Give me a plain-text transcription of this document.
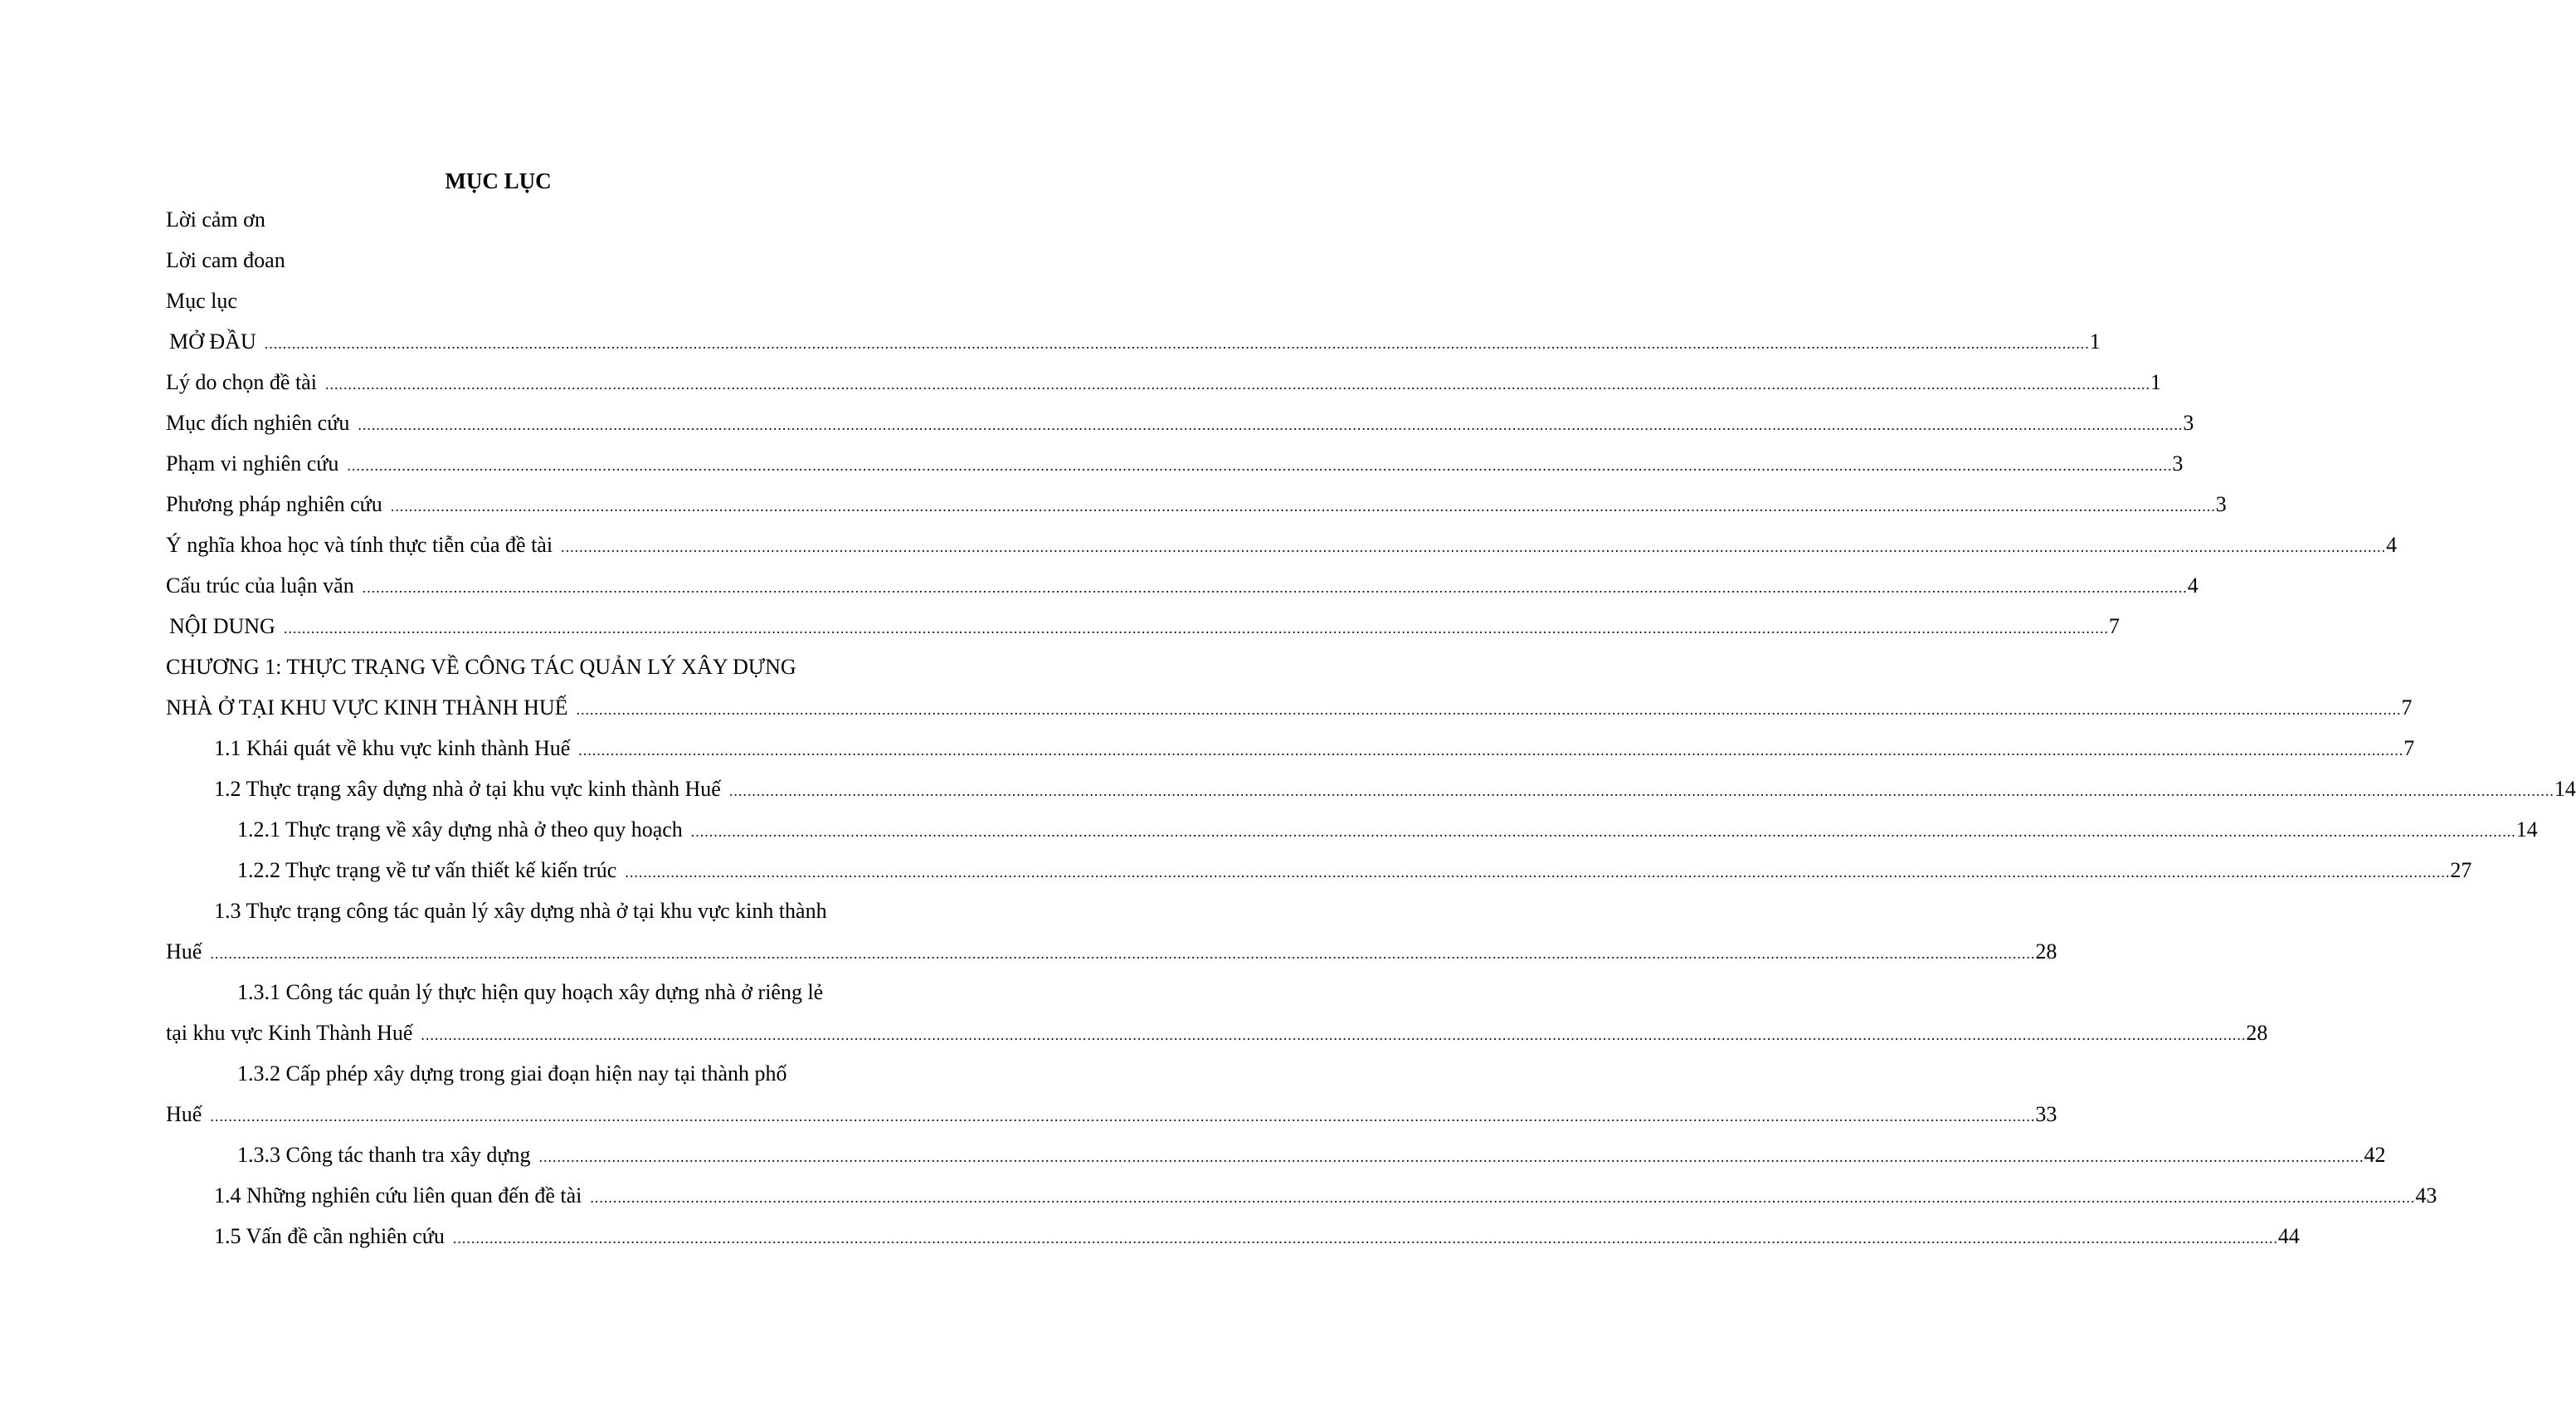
MỤC LỤC
Lời cảm ơn
Lời cam đoan
Mục lục
MỞ ĐẦU ................................................................................................................................................................................................................................................................................................................................................................................................................ 1
Lý do chọn đề tài ................................................................................................................................................................................................................................................................................................................................................................................................................ 1
Mục đích nghiên cứu ................................................................................................................................................................................................................................................................................................................................................................................................................ 3
Phạm vi nghiên cứu ................................................................................................................................................................................................................................................................................................................................................................................................................ 3
Phương pháp nghiên cứu ................................................................................................................................................................................................................................................................................................................................................................................................................ 3
Ý nghĩa khoa học và tính thực tiễn của đề tài ................................................................................................................................................................................................................................................................................................................................................................................................................ 4
Cấu trúc của luận văn ................................................................................................................................................................................................................................................................................................................................................................................................................ 4
NỘI DUNG ................................................................................................................................................................................................................................................................................................................................................................................................................ 7
CHƯƠNG 1: THỰC TRẠNG VỀ CÔNG TÁC QUẢN LÝ XÂY DỰNG
NHÀ Ở TẠI KHU VỰC KINH THÀNH HUẾ ................................................................................................................................................................................................................................................................................................................................................................................................................ 7
1.1 Khái quát về khu vực kinh thành Huế ................................................................................................................................................................................................................................................................................................................................................................................................................ 7
1.2 Thực trạng xây dựng nhà ở tại khu vực kinh thành Huế ................................................................................................................................................................................................................................................................................................................................................................................................................ 14
1.2.1 Thực trạng về xây dựng nhà ở theo quy hoạch ................................................................................................................................................................................................................................................................................................................................................................................................................ 14
1.2.2 Thực trạng về tư vấn thiết kế kiến trúc ................................................................................................................................................................................................................................................................................................................................................................................................................ 27
1.3 Thực trạng công tác quản lý xây dựng nhà ở tại khu vực kinh thành
Huế ................................................................................................................................................................................................................................................................................................................................................................................................................ 28
1.3.1 Công tác quản lý thực hiện quy hoạch xây dựng nhà ở riêng lẻ
tại khu vực Kinh Thành Huế ................................................................................................................................................................................................................................................................................................................................................................................................................ 28
1.3.2 Cấp phép xây dựng trong giai đoạn hiện nay tại thành phố
Huế ................................................................................................................................................................................................................................................................................................................................................................................................................ 33
1.3.3 Công tác thanh tra xây dựng ................................................................................................................................................................................................................................................................................................................................................................................................................ 42
1.4 Những nghiên cứu liên quan đến đề tài ................................................................................................................................................................................................................................................................................................................................................................................................................ 43
1.5 Vấn đề cần nghiên cứu ................................................................................................................................................................................................................................................................................................................................................................................................................ 44
